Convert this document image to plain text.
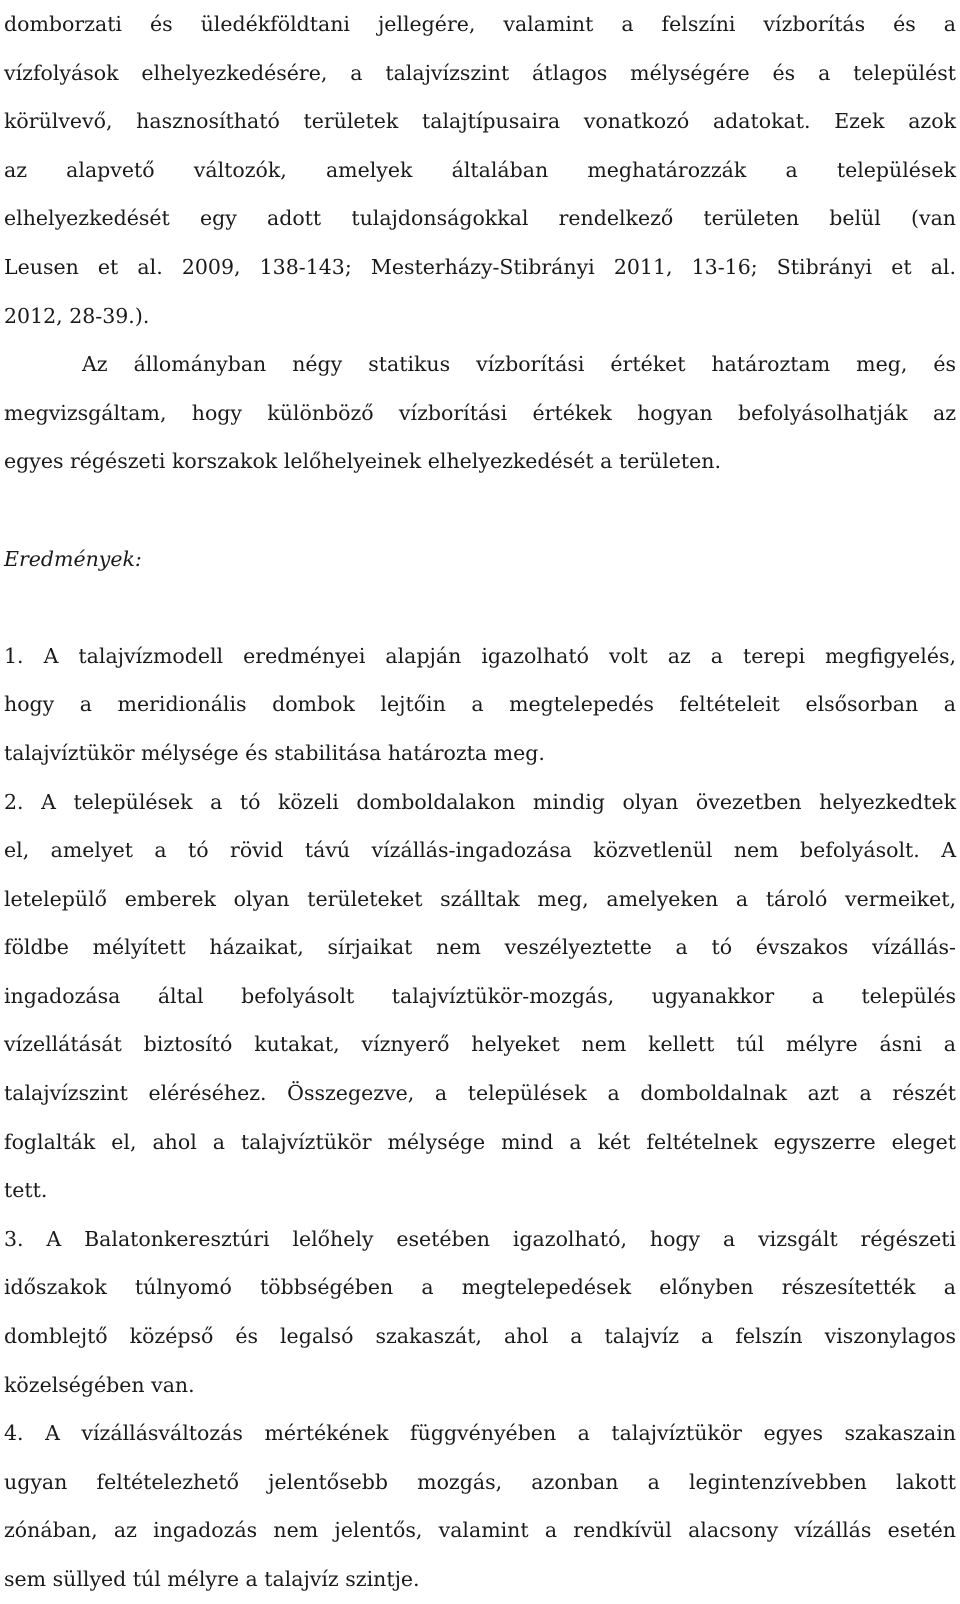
domborzati és üledékföldtani jellegére, valamint a felszíni vízborítás és a
vízfolyások elhelyezkedésére, a talajvízszint átlagos mélységére és a települést
körülvevő, hasznosítható területek talajtípusaira vonatkozó adatokat. Ezek azok
az alapvető változók, amelyek általában meghatározzák a települések
elhelyezkedését egy adott tulajdonságokkal rendelkező területen belül (van
Leusen et al. 2009, 138-143; Mesterházy-Stibrányi 2011, 13-16; Stibrányi et al.
2012, 28-39.).
Az állományban négy statikus vízborítási értéket határoztam meg, és
megvizsgáltam, hogy különböző vízborítási értékek hogyan befolyásolhatják az
egyes régészeti korszakok lelőhelyeinek elhelyezkedését a területen.
Eredmények:
1. A talajvízmodell eredményei alapján igazolható volt az a terepi megfigyelés,
hogy a meridionális dombok lejtőin a megtelepedés feltételeit elsősorban a
talajvíztükör mélysége és stabilitása határozta meg.
2. A települések a tó közeli domboldalakon mindig olyan övezetben helyezkedtek
el, amelyet a tó rövid távú vízállás-ingadozása közvetlenül nem befolyásolt. A
letelepülő emberek olyan területeket szálltak meg, amelyeken a tároló vermeiket,
földbe mélyített házaikat, sírjaikat nem veszélyeztette a tó évszakos vízállás-
ingadozása által befolyásolt talajvíztükör-mozgás, ugyanakkor a település
vízellátását biztosító kutakat, víznyerő helyeket nem kellett túl mélyre ásni a
talajvízszint eléréséhez. Összegezve, a települések a domboldalnak azt a részét
foglalták el, ahol a talajvíztükör mélysége mind a két feltételnek egyszerre eleget
tett.
3. A Balatonkeresztúri lelőhely esetében igazolható, hogy a vizsgált régészeti
időszakok túlnyomó többségében a megtelepedések előnyben részesítették a
domblejtő középső és legalsó szakaszát, ahol a talajvíz a felszín viszonylagos
közelségében van.
4. A vízállásváltozás mértékének függvényében a talajvíztükör egyes szakaszain
ugyan feltételezhető jelentősebb mozgás, azonban a legintenzívebben lakott
zónában, az ingadozás nem jelentős, valamint a rendkívül alacsony vízállás esetén
sem süllyed túl mélyre a talajvíz szintje.
